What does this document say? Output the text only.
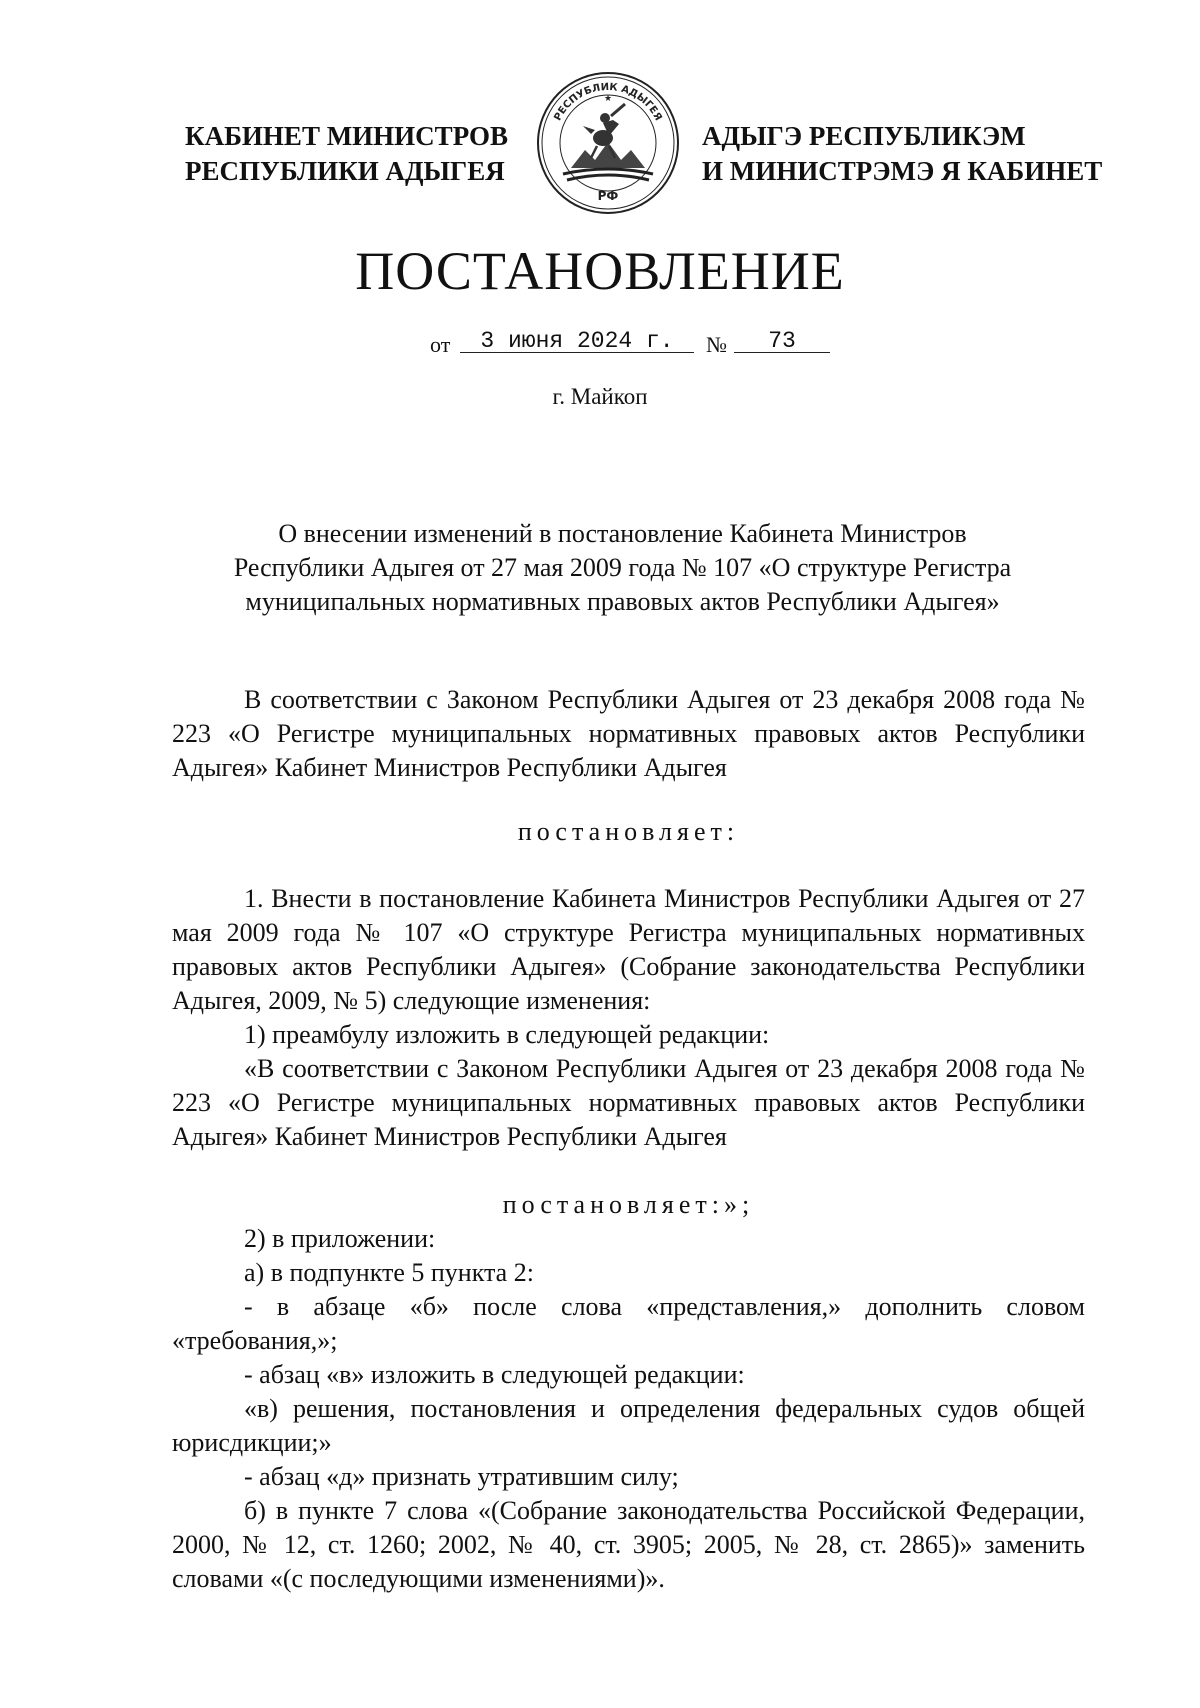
КАБИНЕТ МИНИСТРОВ
РЕСПУБЛИКИ АДЫГЕЯ
РЕСПУБЛИК АДЫГЕЯ
РФ
★
АДЫГЭ РЕСПУБЛИКЭМ
И МИНИСТРЭМЭ Я КАБИНЕТ
ПОСТАНОВЛЕНИЕ
от	3 июня 2024 г.	№	73
г. Майкоп
О внесении изменений в постановление Кабинета Министров
Республики Адыгея от 27 мая 2009 года № 107 «О структуре Регистра
муниципальных нормативных правовых актов Республики Адыгея»

В соответствии с Законом Республики Адыгея от 23 декабря 2008 года № 223 «О Регистре муниципальных нормативных правовых актов Республики Адыгея» Кабинет Министров Республики Адыгея

постановляет:

1. Внести в постановление Кабинета Министров Республики Адыгея от 27 мая 2009 года № 107 «О структуре Регистра муниципальных нормативных правовых актов Республики Адыгея» (Собрание законодательства Республики Адыгея, 2009, № 5) следующие изменения:

1) преамбулу изложить в следующей редакции:

«В соответствии с Законом Республики Адыгея от 23 декабря 2008 года № 223 «О Регистре муниципальных нормативных правовых актов Республики Адыгея» Кабинет Министров Республики Адыгея

постановляет:»;

2) в приложении:

а) в подпункте 5 пункта 2:

- в абзаце «б» после слова «представления,» дополнить словом «требования,»;

- абзац «в» изложить в следующей редакции:

«в) решения, постановления и определения федеральных судов общей юрисдикции;»

- абзац «д» признать утратившим силу;

б) в пункте 7 слова «(Собрание законодательства Российской Федерации, 2000, № 12, ст. 1260; 2002, № 40, ст. 3905; 2005, № 28, ст. 2865)» заменить словами «(с последующими изменениями)».
